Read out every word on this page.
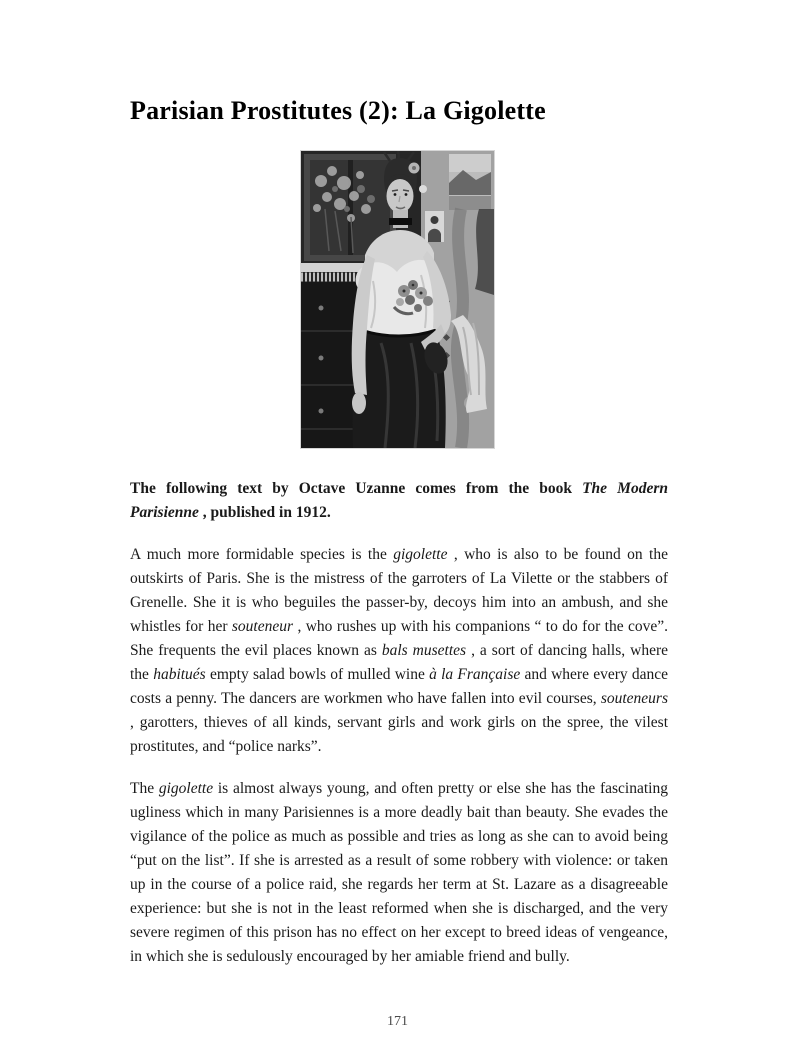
Parisian Prostitutes (2): La Gigolette

The following text by Octave Uzanne comes from the book The Modern Parisienne , published in 1912.

A much more formidable species is the gigolette , who is also to be found on the outskirts of Paris. She is the mistress of the garroters of La Vilette or the stabbers of Grenelle. She it is who beguiles the passer-by, decoys him into an ambush, and she whistles for her souteneur , who rushes up with his companions “ to do for the cove”. She frequents the evil places known as bals musettes , a sort of dancing halls, where the habitués empty salad bowls of mulled wine à la Française and where every dance costs a penny. The dancers are workmen who have fallen into evil courses, souteneurs , garotters, thieves of all kinds, servant girls and work girls on the spree, the vilest prostitutes, and “police narks”.

The gigolette is almost always young, and often pretty or else she has the fascinating ugliness which in many Parisiennes is a more deadly bait than beauty. She evades the vigilance of the police as much as possible and tries as long as she can to avoid being “put on the list”. If she is arrested as a result of some robbery with violence: or taken up in the course of a police raid, she regards her term at St. Lazare as a disagreeable experience: but she is not in the least reformed when she is discharged, and the very severe regimen of this prison has no effect on her except to breed ideas of vengeance, in which she is sedulously encouraged by her amiable friend and bully.

171
